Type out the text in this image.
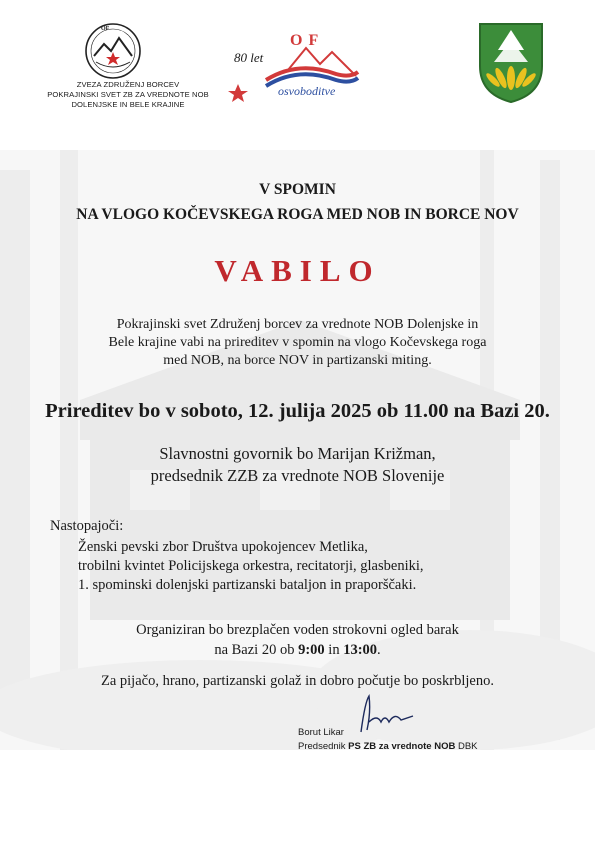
OF
ZVEZA ZDRUŽENJ BORCEV
POKRAJINSKI SVET ZB ZA VREDNOTE NOB
DOLENJSKE IN BELE KRAJINE
80 let
OF
osvoboditve
V SPOMIN
NA VLOGO KOČEVSKEGA ROGA MED NOB IN BORCE NOV
VABILO
Pokrajinski svet Združenj borcev za vrednote NOB Dolenjske in
Bele krajine vabi na prireditev v spomin na vlogo Kočevskega roga
med NOB, na borce NOV in partizanski miting.
Prireditev bo v soboto, 12. julija 2025 ob 11.00 na Bazi 20.
Slavnostni govornik bo Marijan Križman,
predsednik ZZB za vrednote NOB Slovenije
Nastopajoči:
Ženski pevski zbor Društva upokojencev Metlika,
trobilni kvintet Policijskega orkestra, recitatorji, glasbeniki,
1. spominski dolenjski partizanski bataljon in praporščaki.
Organiziran bo brezplačen voden strokovni ogled barak
na Bazi 20 ob 9:00 in 13:00.
Za pijačo, hrano, partizanski golaž in dobro počutje bo poskrbljeno.
Borut Likar
Predsednik PS ZB za vrednote NOB DBK
